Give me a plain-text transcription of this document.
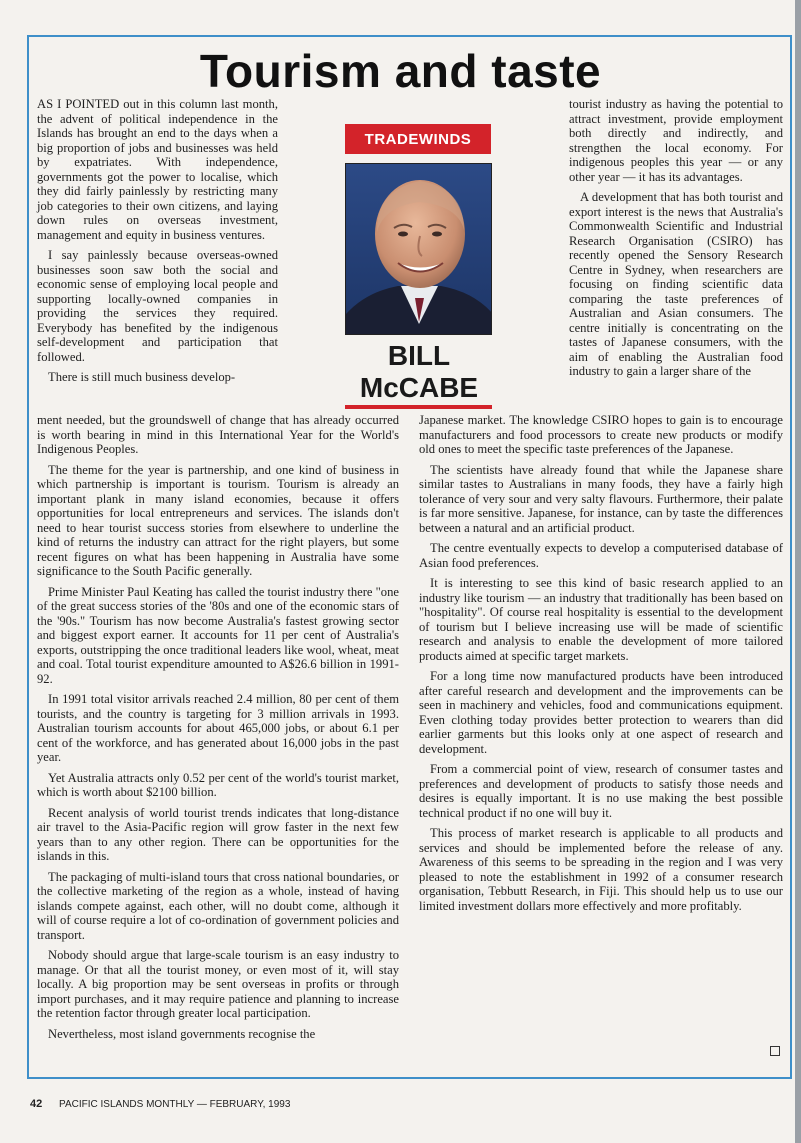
Tourism and taste

AS I POINTED out in this column last month, the advent of political independence in the Islands has brought an end to the days when a big proportion of jobs and businesses was held by expatriates. With independence, governments got the power to localise, which they did fairly painlessly by restricting many job categories to their own citizens, and laying down rules on overseas investment, management and equity in business ventures.

I say painlessly because overseas-owned businesses soon saw both the social and economic sense of employing local people and supporting locally-owned companies in providing the services they required. Everybody has benefited by the indigenous self-development and participation that followed.

There is still much business develop-

TRADEWINDS
BILL
McCABE

tourist industry as having the potential to attract investment, provide employment both directly and indirectly, and strengthen the local economy. For indigenous peoples this year — or any other year — it has its advantages.

A development that has both tourist and export interest is the news that Australia's Commonwealth Scientific and Industrial Research Organisation (CSIRO) has recently opened the Sensory Research Centre in Sydney, when researchers are focusing on finding scientific data comparing the taste preferences of Australian and Asian consumers. The centre initially is concentrating on the tastes of Japanese consumers, with the aim of enabling the Australian food industry to gain a larger share of the

ment needed, but the groundswell of change that has already occurred is worth bearing in mind in this International Year for the World's Indigenous Peoples.

The theme for the year is partnership, and one kind of business in which partnership is important is tourism. Tourism is already an important plank in many island economies, because it offers opportunities for local entrepreneurs and services. The islands don't need to hear tourist success stories from elsewhere to underline the kind of returns the industry can attract for the right players, but some recent figures on what has been happening in Australia have some significance to the South Pacific generally.

Prime Minister Paul Keating has called the tourist industry there "one of the great success stories of the '80s and one of the economic stars of the '90s." Tourism has now become Australia's fastest growing sector and biggest export earner. It accounts for 11 per cent of Australia's exports, outstripping the once traditional leaders like wool, wheat, meat and coal. Total tourist expenditure amounted to A$26.6 billion in 1991-92.

In 1991 total visitor arrivals reached 2.4 million, 80 per cent of them tourists, and the country is targeting for 3 million arrivals in 1993. Australian tourism accounts for about 465,000 jobs, or about 6.1 per cent of the workforce, and has generated about 16,000 jobs in the past year.

Yet Australia attracts only 0.52 per cent of the world's tourist market, which is worth about $2100 billion.

Recent analysis of world tourist trends indicates that long-distance air travel to the Asia-Pacific region will grow faster in the next few years than to any other region. There can be opportunities for the islands in this.

The packaging of multi-island tours that cross national boundaries, or the collective marketing of the region as a whole, instead of having islands compete against, each other, will no doubt come, although it will of course require a lot of co-ordination of government policies and transport.

Nobody should argue that large-scale tourism is an easy industry to manage. Or that all the tourist money, or even most of it, will stay locally. A big proportion may be sent overseas in profits or through import purchases, and it may require patience and planning to increase the retention factor through greater local participation.

Nevertheless, most island governments recognise the

Japanese market. The knowledge CSIRO hopes to gain is to encourage manufacturers and food processors to create new products or modify old ones to meet the specific taste preferences of the Japanese.

The scientists have already found that while the Japanese share similar tastes to Australians in many foods, they have a fairly high tolerance of very sour and very salty flavours. Furthermore, their palate is far more sensitive. Japanese, for instance, can by taste the differences between a natural and an artificial product.

The centre eventually expects to develop a computerised database of Asian food preferences.

It is interesting to see this kind of basic research applied to an industry like tourism — an industry that traditionally has been based on "hospitality". Of course real hospitality is essential to the development of tourism but I believe increasing use will be made of scientific research and analysis to enable the development of more tailored products aimed at specific target markets.

For a long time now manufactured products have been introduced after careful research and development and the improvements can be seen in machinery and vehicles, food and communications equipment. Even clothing today provides better protection to wearers than did earlier garments but this looks only at one aspect of research and development.

From a commercial point of view, research of consumer tastes and preferences and development of products to satisfy those needs and desires is equally important. It is no use making the best possible technical product if no one will buy it.

This process of market research is applicable to all products and services and should be implemented before the release of any. Awareness of this seems to be spreading in the region and I was very pleased to note the establishment in 1992 of a consumer research organisation, Tebbutt Research, in Fiji. This should help us to use our limited investment dollars more effectively and more profitably.

42 PACIFIC ISLANDS MONTHLY — FEBRUARY, 1993
